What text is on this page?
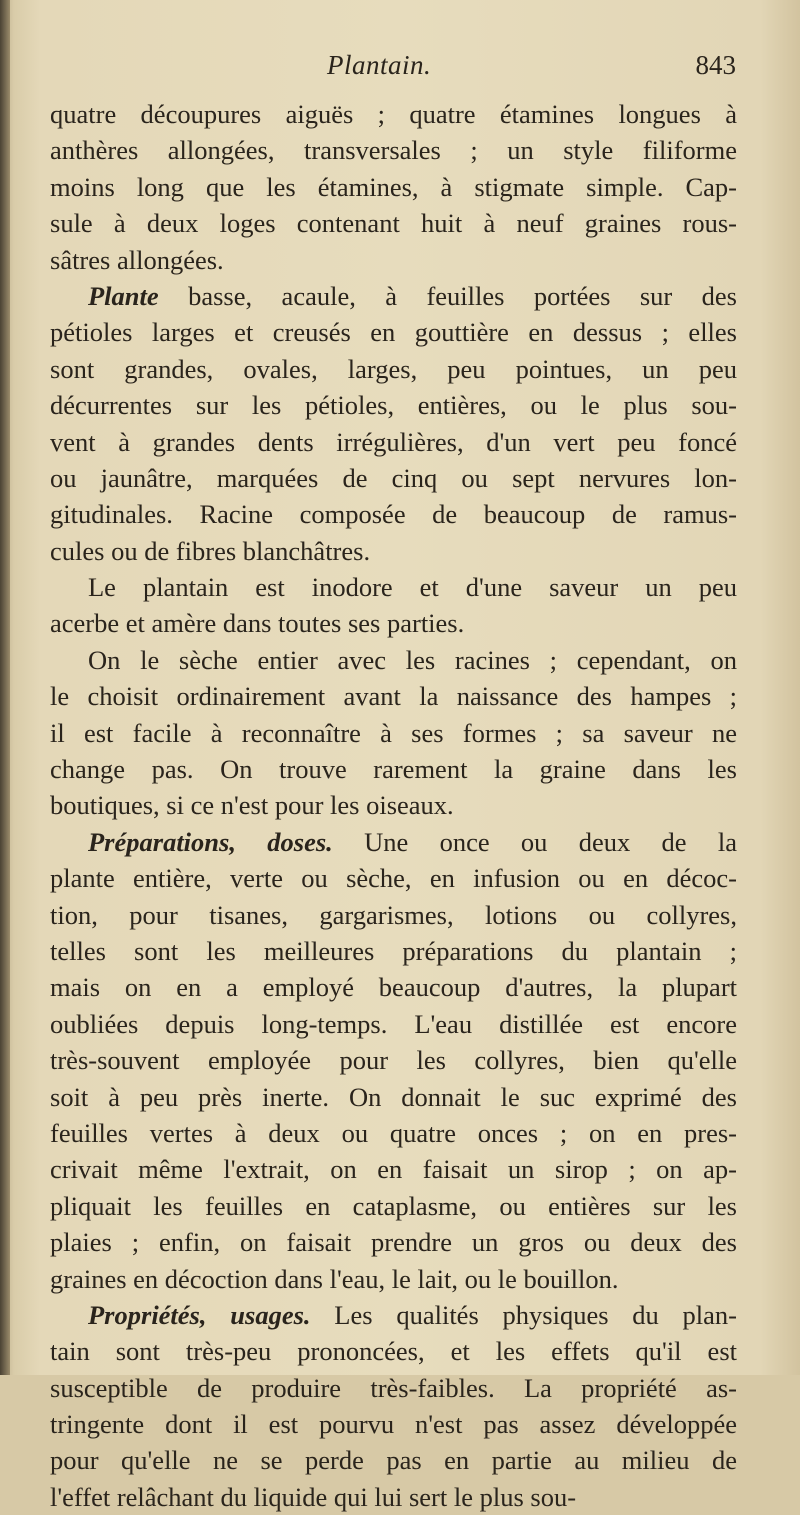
Plantain.	843
quatre découpures aiguës ; quatre étamines longues à
anthères allongées, transversales ; un style filiforme
moins long que les étamines, à stigmate simple. Cap-
sule à deux loges contenant huit à neuf graines rous-
sâtres allongées.
Plante basse, acaule, à feuilles portées sur des
pétioles larges et creusés en gouttière en dessus ; elles
sont grandes, ovales, larges, peu pointues, un peu
décurrentes sur les pétioles, entières, ou le plus sou-
vent à grandes dents irrégulières, d'un vert peu foncé
ou jaunâtre, marquées de cinq ou sept nervures lon-
gitudinales. Racine composée de beaucoup de ramus-
cules ou de fibres blanchâtres.
Le plantain est inodore et d'une saveur un peu
acerbe et amère dans toutes ses parties.
On le sèche entier avec les racines ; cependant, on
le choisit ordinairement avant la naissance des hampes ;
il est facile à reconnaître à ses formes ; sa saveur ne
change pas. On trouve rarement la graine dans les
boutiques, si ce n'est pour les oiseaux.
Préparations, doses. Une once ou deux de la
plante entière, verte ou sèche, en infusion ou en décoc-
tion, pour tisanes, gargarismes, lotions ou collyres,
telles sont les meilleures préparations du plantain ;
mais on en a employé beaucoup d'autres, la plupart
oubliées depuis long-temps. L'eau distillée est encore
très-souvent employée pour les collyres, bien qu'elle
soit à peu près inerte. On donnait le suc exprimé des
feuilles vertes à deux ou quatre onces ; on en pres-
crivait même l'extrait, on en faisait un sirop ; on ap-
pliquait les feuilles en cataplasme, ou entières sur les
plaies ; enfin, on faisait prendre un gros ou deux des
graines en décoction dans l'eau, le lait, ou le bouillon.
Propriétés, usages. Les qualités physiques du plan-
tain sont très-peu prononcées, et les effets qu'il est
susceptible de produire très-faibles. La propriété as-
tringente dont il est pourvu n'est pas assez développée
pour qu'elle ne se perde pas en partie au milieu de
l'effet relâchant du liquide qui lui sert le plus sou-
